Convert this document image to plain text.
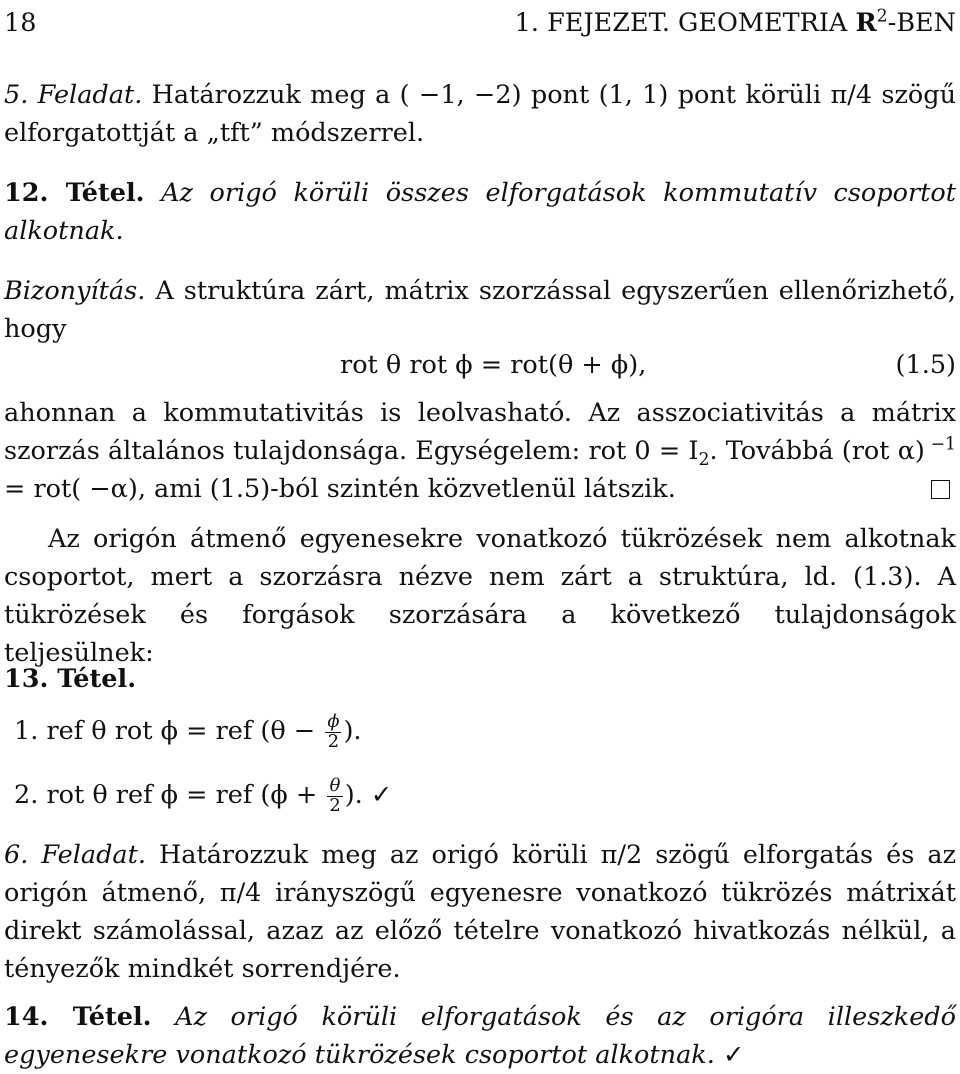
18	1. FEJEZET. GEOMETRIA $R^2$-BEN
5. Feladat. Határozzuk meg a ( −1, −2) pont (1, 1) pont körüli π/4 szögű elforgatottját a „tft” módszerrel.
12. Tétel. Az origó körüli összes elforgatások kommutatív csoportot alkotnak.
Bizonyítás. A struktúra zárt, mátrix szorzással egyszerűen ellenőrizhető, hogy
rot θ rot ϕ = rot(θ + ϕ),	(1.5)
ahonnan a kommutativitás is leolvasható. Az asszociativitás a mátrix szorzás általános tulajdonsága. Egységelem: rot $0 = I_2$. Továbbá (rot α) $^{-1}$ = rot( −α), ami (1.5)-ból szintén közvetlenül látszik.
Az origón átmenő egyenesekre vonatkozó tükrözések nem alkotnak csoportot, mert a szorzásra nézve nem zárt a struktúra, ld. (1.3). A tükrözések és forgások szorzására a következő tulajdonságok teljesülnek:
13. Tétel.
1. ref θ rot ϕ = ref ($\theta - \frac{\phi}{2}$ ).
2. rot θ ref ϕ = ref ($\phi + \frac{\theta}{2}$ ). ✓
6. Feladat. Határozzuk meg az origó körüli π/2 szögű elforgatás és az origón átmenő, π/4 irányszögű egyenesre vonatkozó tükrözés mátrixát direkt számolással, azaz az előző tételre vonatkozó hivatkozás nélkül, a tényezők mindkét sorrendjére.
14. Tétel. Az origó körüli elforgatások és az origóra illeszkedő egyenesekre vonatkozó tükrözések csoportot alkotnak. ✓
